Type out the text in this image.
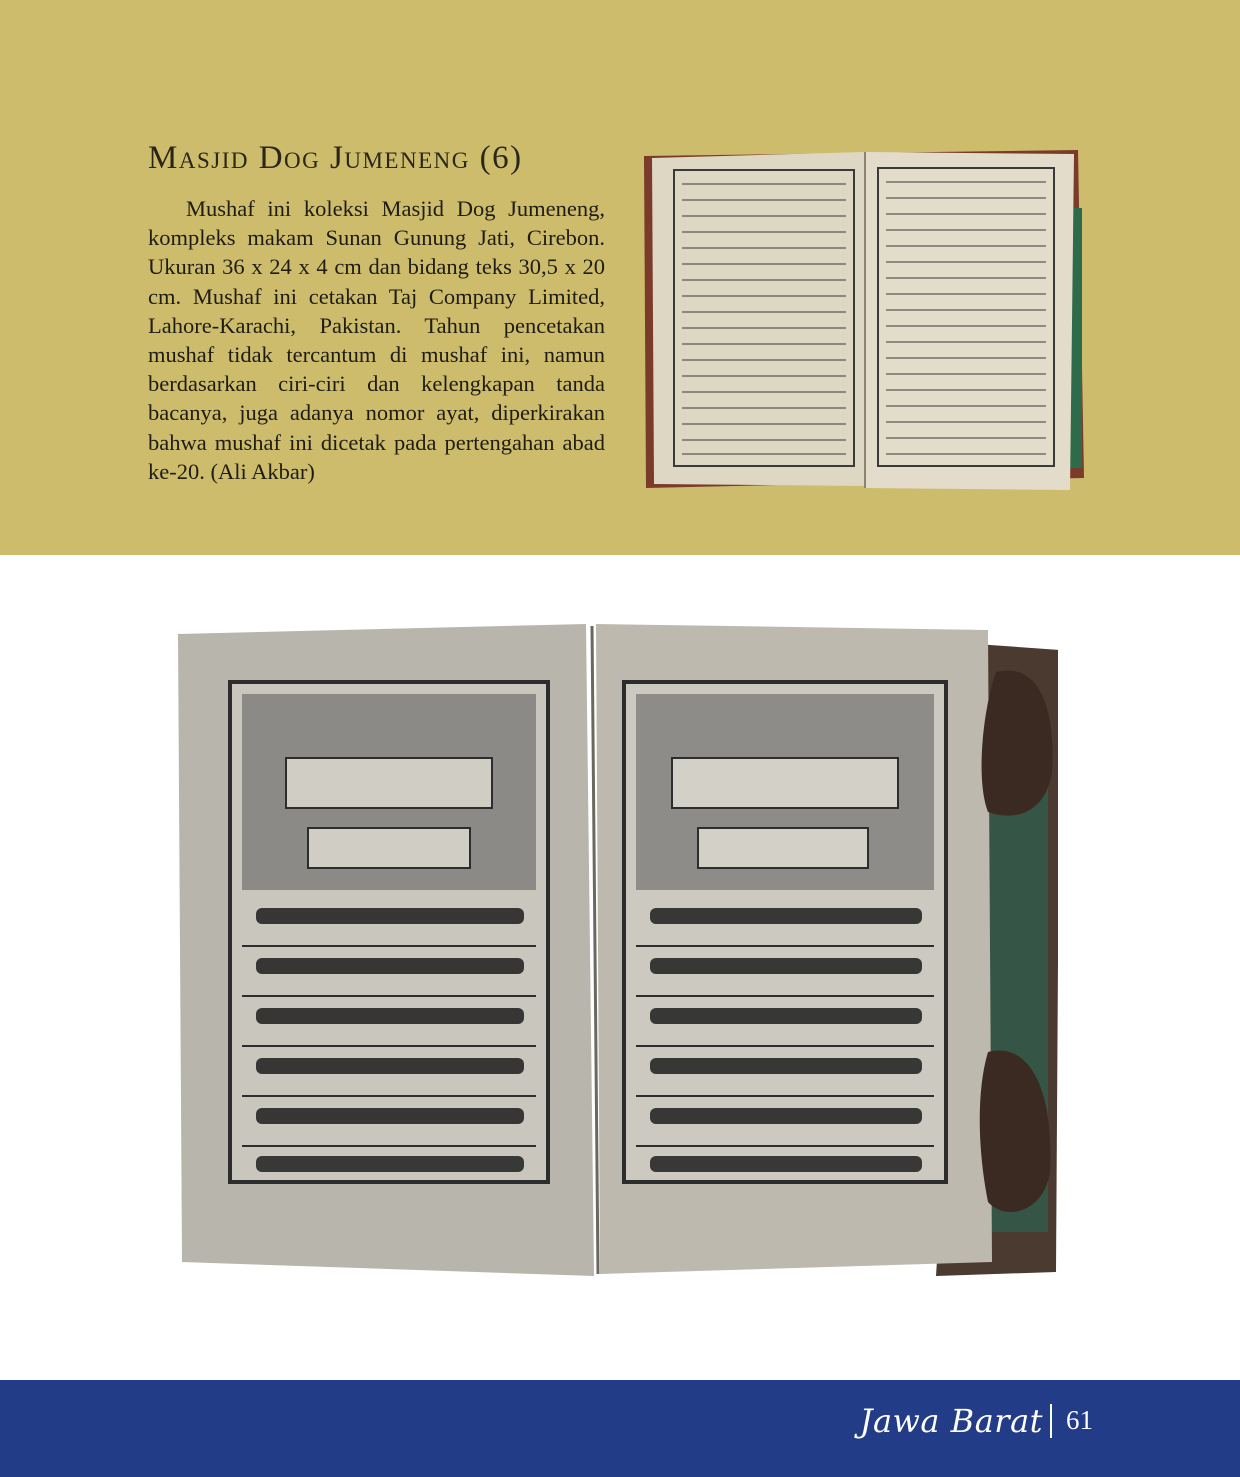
Masjid Dog Jumeneng (6)

Mushaf ini koleksi Masjid Dog Jumeneng, kompleks makam Sunan Gunung Jati, Cirebon. Ukuran 36 x 24 x 4 cm dan bidang teks 30,5 x 20 cm. Mushaf ini cetakan Taj Company Limited, Lahore-Karachi, Pakistan. Tahun pencetakan mushaf tidak tercantum di mushaf ini, namun berdasarkan ciri-ciri dan kelengkapan tanda bacanya, juga adanya nomor ayat, diperkirakan bahwa mushaf ini dicetak pada pertengahan abad ke-20. (Ali Akbar)

Jawa Barat 61
